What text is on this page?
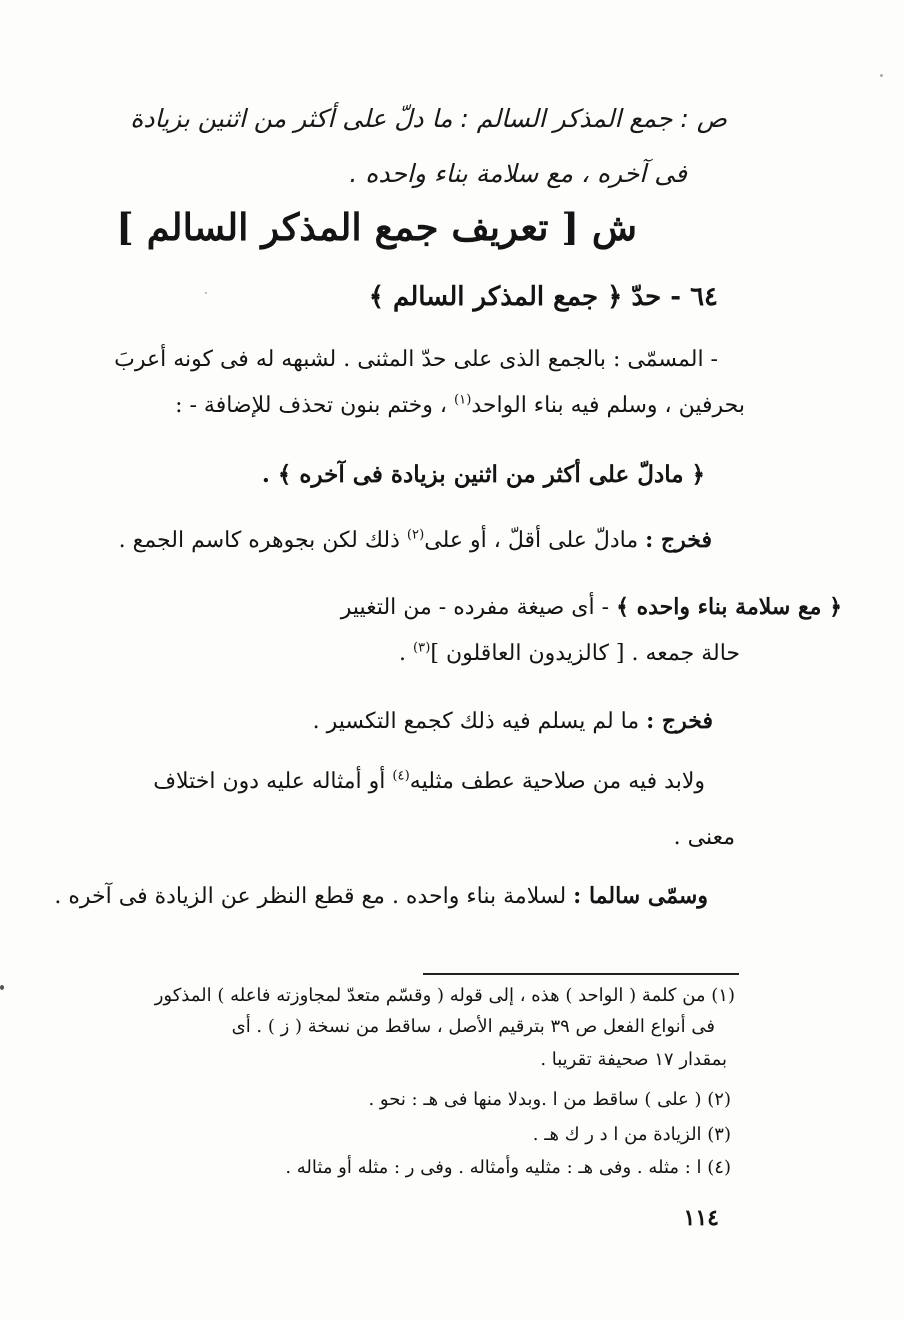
ص : جمع المذكر السالم : ما دلّ على أكثر من اثنين بزيادة
فى آخره ، مع سلامة بناء واحده .
ش [ تعريف جمع المذكر السالم ]
٦٤ - حدّ ﴿ جمع المذكر السالم ﴾
- المسمّى : بالجمع الذى على حدّ المثنى . لشبهه له فى كونه أعربَ
بحرفين ، وسلم فيه بناء الواحد$^{(١)}$ ، وختم بنون تحذف للإضافة - :
﴿ مادلّ على أكثر من اثنين بزيادة فى آخره ﴾ .
فخرج : مادلّ على أقلّ ، أو على$^{(٢)}$ ذلك لكن بجوهره كاسم الجمع .
﴿ مع سلامة بناء واحده ﴾ - أى صيغة مفرده - من التغيير
حالة جمعه . [ كالزيدون العاقلون ]$^{(٣)}$ .
فخرج : ما لم يسلم فيه ذلك كجمع التكسير .
ولابد فيه من صلاحية عطف مثليه$^{(٤)}$ أو أمثاله عليه دون اختلاف
معنى .
وسمّى سالما : لسلامة بناء واحده . مع قطع النظر عن الزيادة فى آخره .
(١) من كلمة ( الواحد ) هذه ، إلى قوله ( وقسّم متعدّ لمجاوزته فاعله ) المذكور
فى أنواع الفعل ص ٣٩ بترقيم الأصل ، ساقط من نسخة ( ز ) . أى
بمقدار ١٧ صحيفة تقريبا .
(٢) ( على ) ساقط من ا .وبدلا منها فى هـ : نحو .
(٣) الزيادة من ا د ر ك هـ .
(٤) ا : مثله . وفى هـ : مثليه وأمثاله . وفى ر : مثله أو مثاله .
١١٤
